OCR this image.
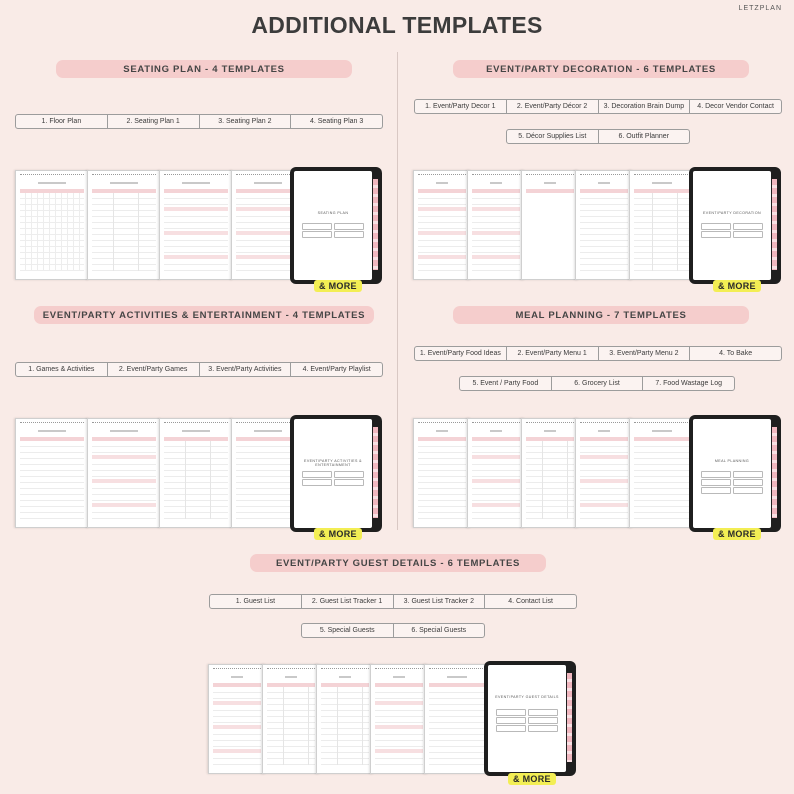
ADDITIONAL TEMPLATES
LETZPLAN
SEATING PLAN - 4 TEMPLATES
1. Floor Plan	2. Seating Plan 1	3. Seating Plan 2	4. Seating Plan 3
SEATING PLAN
& MORE
EVENT/PARTY DECORATION - 6 TEMPLATES
1. Event/Party Decor 1	2. Event/Party Décor 2	3. Decoration Brain Dump	4. Decor Vendor Contact
5. Décor Supplies List	6. Outfit Planner
EVENT/PARTY DECORATION
& MORE
EVENT/PARTY ACTIVITIES & ENTERTAINMENT - 4 TEMPLATES
1. Games & Activities	2. Event/Party Games	3. Event/Party Activities	4. Event/Party Playlist
EVENT/PARTY ACTIVITIES & ENTERTAINMENT
& MORE
MEAL PLANNING - 7 TEMPLATES
1. Event/Party Food Ideas	2. Event/Party Menu 1	3. Event/Party Menu 2	4. To Bake
5. Event / Party Food	6. Grocery List	7. Food Wastage Log
MEAL PLANNING
& MORE
EVENT/PARTY GUEST DETAILS - 6 TEMPLATES
1. Guest List	2. Guest List Tracker 1	3. Guest List Tracker 2	4. Contact List
5. Special Guests	6. Special Guests
EVENT/PARTY GUEST DETAILS
& MORE
